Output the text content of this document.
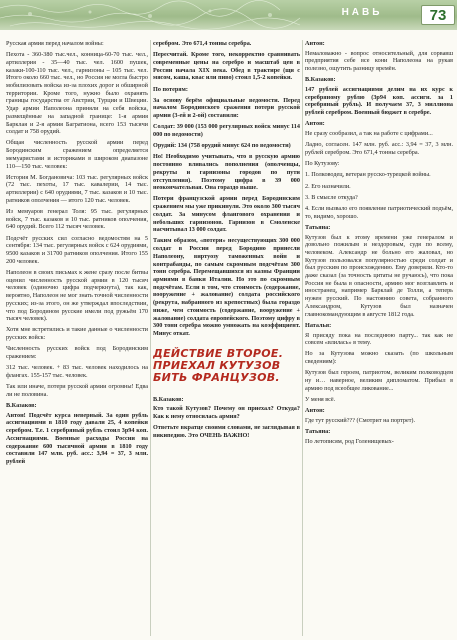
НАВЬ	73

Русская армия перед началом войны:

Пехота - 360-380 тыс.чел., конница-60-70 тыс. чел., артиллерия - 35—40 тыс. чел. 1600 пушек, казаки-100-110 тыс. чел., гарнизоны – 105 тыс. чел. Итого около 660 тыс. чел., но Россия не могла быстро мобилизовать войска из-за плохих дорог и обширной территории. Кроме того, нужно было охранять границы государства от Австрии, Турции и Швеции. Удар армии Наполеона приняли на себя войска, размещённые на западной границе: 1-я армия Барклая и 2-я армия Багратиона, всего 153 тысячи солдат и 758 орудий.

Общая численность русской армии перед Бородинским сражением определяется мемуаристами и историками в широком диапазоне 110—150 тыс. человек:

История М. Богдановича: 103 тыс. регулярных войск (72 тыс. пехоты, 17 тыс. кавалерии, 14 тыс. артиллерии) с 640 орудиями, 7 тыс. казаков и 10 тыс. ратников ополчения — итого 120 тыс. человек.

Из мемуаров генерал Толя: 95 тыс. регулярных войск, 7 тыс. казаков и 10 тыс. ратников ополчения, 640 орудий. Всего 112 тысяч человек.

Подсчёт русских сил согласно ведомостям на 5 сентября: 134 тыс. регулярных войск с 624 орудиями, 9500 казаков и 31700 ратников ополчения. Итого 155 200 человек.

Наполеон в своих письмах к жене сразу после битвы оценил численность русской армии в 120 тысяч человек (одиночно цифра подчеркнута), так как, вероятно, Наполеон не мог знать точной численности русских; из-за этого, он же утверждал впоследствии, что под Бородином русские имели под ружьём 170 тысяч человек).

Хотя мне встретились и такие данные о численности русских войск:

Численность русских войск под Бородинским сражением:

312 тыс. человек. + 83 тыс. человек находилось на флангах. 155-157 тыс. человек.

Так или иначе, потери русской армии огромны! Едва ли не половина.

В.Казаков:

Антон! Подсчёт курса неверный. За один рубль ассигнациями в 1810 году давали 25, 4 копейки серебром. Т.е. 1 серебряный рубль стоил 3р94 коп. Ассигнациями. Военные расходы России на содержание 600 тысячной армии в 1810 году составили 147 млн. руб. асс.: 3,94 = 37, 3 млн. рублей

серебром. Это 671,4 тонны серебра.

Пересчитай. Кроме того, некорректно сравнивать современные цены на серебро и масштаб цен в России начала XIX века. Обед в трактире (щи с мясом, каша, квас или пиво) стоил 1,5-2 копейки.

По потерям:

За основу берём официальные ведомости. Перед началом Бородинского сражения потери русской армии (3-ей и 2-ой) составили:

Солдат: 39 000 (153 000 регулярных войск минус 114 000 по ведомости)

Орудий: 134 (758 орудий минус 624 по ведомости)

Но! Необходимо учитывать, что в русскую армию постоянно вливались пополнения (ополченцы, рекруты и гарнизоны городов по пути отступления). Поэтому цифра в 39 000 неокончательная. Она гораздо выше.

Потери французской армии перед Бородинским сражением мы уже прикинули. Это около 300 тысяч солдат. За минусом флангового охранения и небольших гарнизонов. Гарнизон в Смоленске насчитывал 13 000 солдат.

Таким образом, «потери» несуществующих 300 000 солдат в России перед Бородино принесли Наполеону, виртуозу таможенных войн и контрабанды, по самым скромным подсчётам 300 тонн серебра. Перемещавшихся из казны Франции армиями в банки Италии. Но это по скромным подсчётам. Если в том, что стоимость (содержание, вооружение + жалование) солдата российского (рекрута, набранного из крепостных) была гораздо ниже, чем стоимость (содержание, вооружение + жалование) солдата европейского. Поэтому цифру в 300 тонн серебра можно умножать на коэффициент. Минус откат.

ДЕЙСТВИЕ ВТОРОЕ.
ПРИЕХАЛ КУТУЗОВ
БИТЬ ФРАНЦУЗОВ.

В.Казаков:

Кто такой Кутузов? Почему он приехал? Откуда? Как к нему относилась армия?

Ответьте вкратце своими словами, не заглядывая в википедию. Это ОЧЕНЬ ВАЖНО!

Антон:

Немаловажно - вопрос относительный, для сорвавш предприятия себе все кони Наполеона на рукав полезно, ощутить разницу времён.

В.Казаков:

147 рублей ассигнациями делим на их курс к серебряному рублю (3р94 коп. ассигн. за 1 серебряный рубль). И получаем 37, 3 миллиона рублей серебром. Военный бюджет в серебре.

Антон:

Не сразу сообразил, а так на работе с цифрами...

Ладно, согласен. 147 млн. руб. асс.: 3,94 = 37, 3 млн. рублей серебром. Это 671,4 тонны серебра.

По Кутузову:

1. Полководец, ветеран русско-турецкой войны.

2. Его назначили.

3. В смысле откуда?

4. Если вызвало его появление патриотический подъём, то, видимо, хорошо.

Татьяна:

Кутузов был к этому времени уже генералом и довольно пожилым и нездоровым, судя по всему, человеком. Александр не больно его жаловал, но Кутузов пользовался популярностью среди солдат и был русским по происхождению. Ему доверяли. Кто-то даже сказал (за точность цитаты не ручаюсь), что пока Россия не была в опасности, армию мог возглавлять и иностранец, например Барклай де Толли, а теперь нужен русский. По настоянию совета, собранного Александром, Кутузов был назначен главнокомандующим в августе 1812 года.

Наталья:

Я присяду пока на последнюю парту... так как не совсем «влилась» в тему.

Но за Кутузова можно сказать (по школьным сведениям):

Кутузов был героем, патриотом, великим полководцем ну и… наверное, великим дипломатом. Прибыл в армию под всеобщее ликование...

У меня всё.

Антон:

Где тут русский??? (Смотрит на портрет).

Татьяна:

По летописям, род Голенищевых-
